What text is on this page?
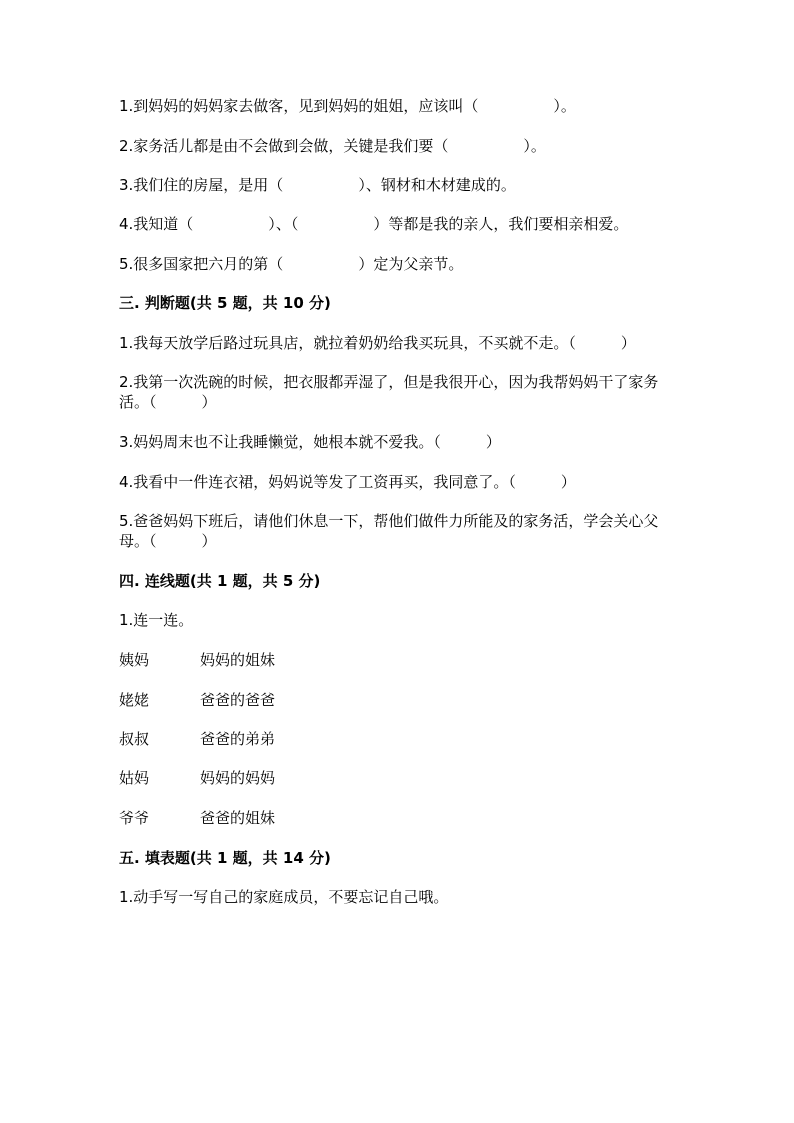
1.到妈妈的妈妈家去做客，见到妈妈的姐姐，应该叫（　　　　　）。
2.家务活儿都是由不会做到会做，关键是我们要（　　　　　）。
3.我们住的房屋，是用（　　　　　）、钢材和木材建成的。
4.我知道（　　　　　）、（　　　　　）等都是我的亲人，我们要相亲相爱。
5.很多国家把六月的第（　　　　　）定为父亲节。
三. 判断题(共 5 题，共 10 分)
1.我每天放学后路过玩具店，就拉着奶奶给我买玩具，不买就不走。（　　　）
2.我第一次洗碗的时候，把衣服都弄湿了，但是我很开心，因为我帮妈妈干了家务活。（　　　）
3.妈妈周末也不让我睡懒觉，她根本就不爱我。（　　　）
4.我看中一件连衣裙，妈妈说等发了工资再买，我同意了。（　　　）
5.爸爸妈妈下班后，请他们休息一下，帮他们做件力所能及的家务活，学会关心父母。（　　　）
四. 连线题(共 1 题，共 5 分)
1.连一连。
姨妈	妈妈的姐妹
姥姥	爸爸的爸爸
叔叔	爸爸的弟弟
姑妈	妈妈的妈妈
爷爷	爸爸的姐妹
五. 填表题(共 1 题，共 14 分)
1.动手写一写自己的家庭成员，不要忘记自己哦。
